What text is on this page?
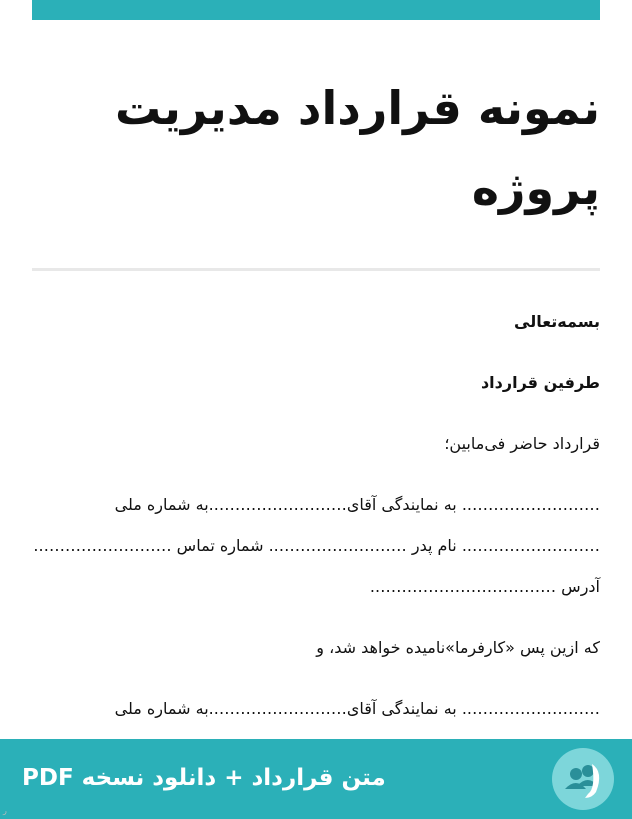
نمونه قرارداد مدیریت
پروژه

بسمه‌تعالی

طرفین قرارداد

قرارداد حاضر فی‌مابین؛

…………………….. به نمایندگی آقای……………………..به شماره ملی

…………………….. نام پدر …………………….. شماره تماس ……………………..

آدرس ……………………………..

که ازین پس «کارفرما»نامیده خواهد شد، و

…………………….. به نمایندگی آقای……………………..به شماره ملی

متن قرارداد + دانلود نسخه PDF
ر
